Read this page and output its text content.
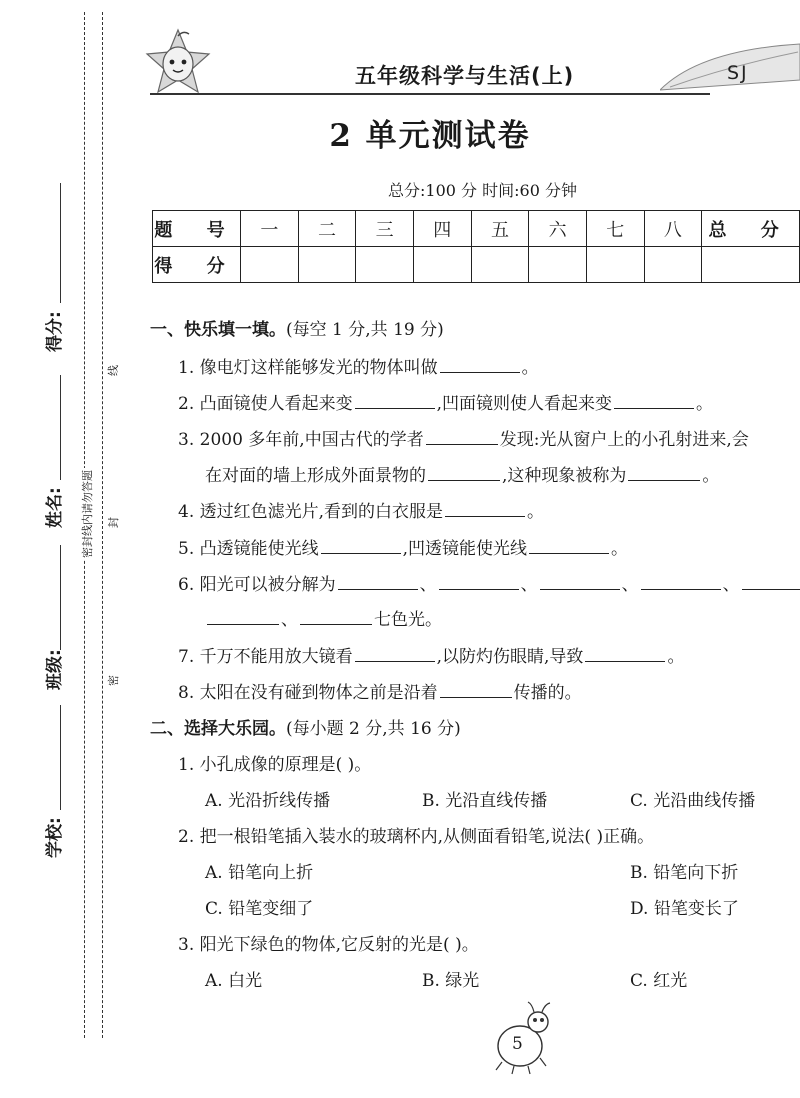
得分:
姓名:
班级:
学校:
密封线内请勿答题
线
封
密
五年级科学与生活(上)	SJ
2 单元测试卷
总分:100 分 时间:60 分钟
题 号	一	二	三	四	五	六	七	八	总 分
得 分									
一、快乐填一填。(每空 1 分,共 19 分)
1. 像电灯这样能够发光的物体叫做	。
2. 凸面镜使人看起来变	,凹面镜则使人看起来变	。
3. 2000 多年前,中国古代的学者	发现:光从窗户上的小孔射进来,会
在对面的墙上形成外面景物的	,这种现象被称为	。
4. 透过红色滤光片,看到的白衣服是	。
5. 凸透镜能使光线	,凹透镜能使光线	。
6. 阳光可以被分解为	、	、	、	、
、	七色光。
7. 千万不能用放大镜看	,以防灼伤眼睛,导致	。
8. 太阳在没有碰到物体之前是沿着	传播的。
二、选择大乐园。(每小题 2 分,共 16 分)
1. 小孔成像的原理是( )。
A. 光沿折线传播	B. 光沿直线传播	C. 光沿曲线传播
2. 把一根铅笔插入装水的玻璃杯内,从侧面看铅笔,说法( )正确。
A. 铅笔向上折	B. 铅笔向下折
C. 铅笔变细了	D. 铅笔变长了
3. 阳光下绿色的物体,它反射的光是( )。
A. 白光	B. 绿光	C. 红光
5
